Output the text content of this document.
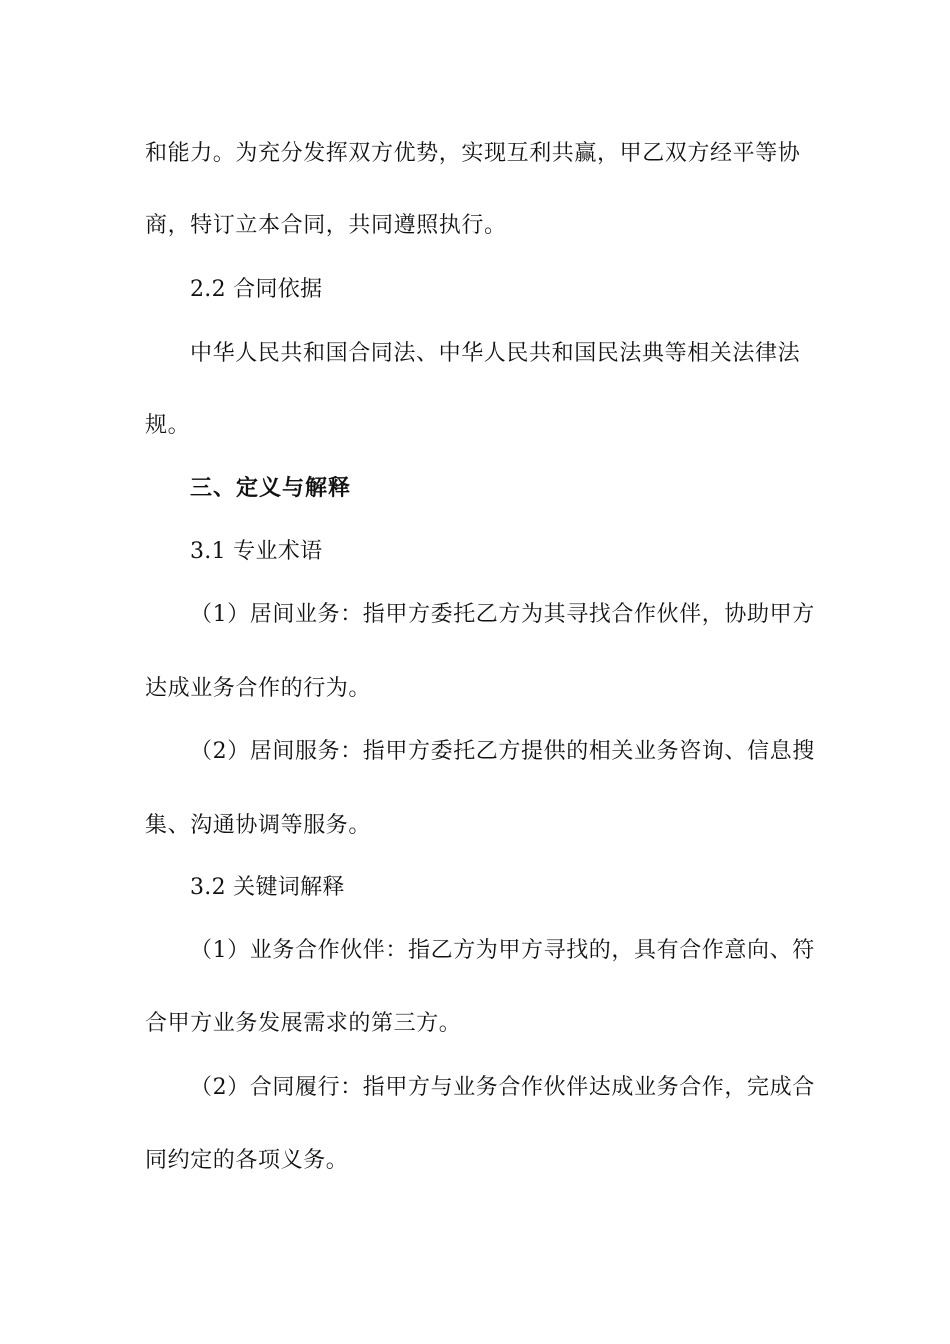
和能力。为充分发挥双方优势，实现互利共赢，甲乙双方经平等协
商，特订立本合同，共同遵照执行。
2.2 合同依据
中华人民共和国合同法、中华人民共和国民法典等相关法律法
规。
三、定义与解释
3.1 专业术语
（1）居间业务：指甲方委托乙方为其寻找合作伙伴，协助甲方
达成业务合作的行为。
（2）居间服务：指甲方委托乙方提供的相关业务咨询、信息搜
集、沟通协调等服务。
3.2 关键词解释
（1）业务合作伙伴：指乙方为甲方寻找的，具有合作意向、符
合甲方业务发展需求的第三方。
（2）合同履行：指甲方与业务合作伙伴达成业务合作，完成合
同约定的各项义务。
